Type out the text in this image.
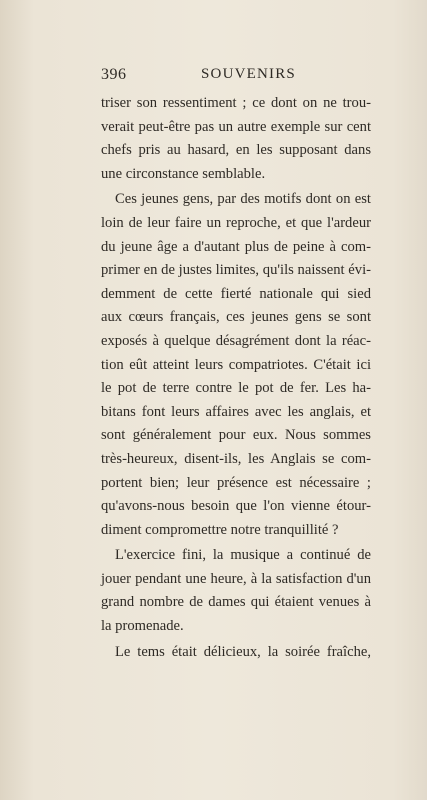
396	SOUVENIRS
triser son ressentiment ; ce dont on ne trou-
verait peut-être pas un autre exemple sur cent
chefs pris au hasard, en les supposant dans
une circonstance semblable.
Ces jeunes gens, par des motifs dont on est
loin de leur faire un reproche, et que l'ardeur
du jeune âge a d'autant plus de peine à com-
primer en de justes limites, qu'ils naissent évi-
demment de cette fierté nationale qui sied
aux cœurs français, ces jeunes gens se sont
exposés à quelque désagrément dont la réac-
tion eût atteint leurs compatriotes. C'était ici
le pot de terre contre le pot de fer. Les ha-
bitans font leurs affaires avec les anglais, et
sont généralement pour eux. Nous sommes
très-heureux, disent-ils, les Anglais se com-
portent bien; leur présence est nécessaire ;
qu'avons-nous besoin que l'on vienne étour-
diment compromettre notre tranquillité ?
L'exercice fini, la musique a continué de
jouer pendant une heure, à la satisfaction d'un
grand nombre de dames qui étaient venues à
la promenade.
Le tems était délicieux, la soirée fraîche,
